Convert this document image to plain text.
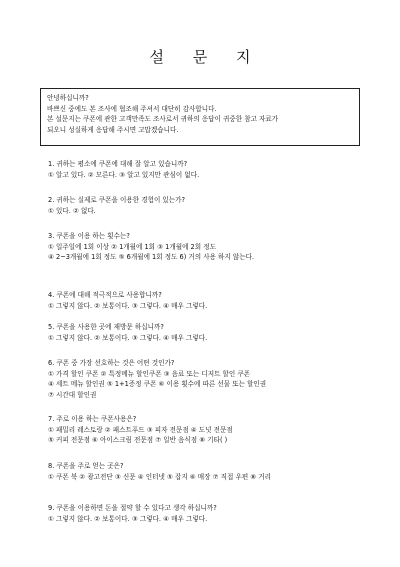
설 문 지
안녕하십니까?
바쁘신 중에도 본 조사에 협조해 주셔서 대단히 감사합니다.
본 설문지는 쿠폰에 관한 고객만족도 조사로서 귀하의 응답이 귀중한 참고 자료가
되오니 성실하게 응답해 주시면 고맙겠습니다.
1. 귀하는 평소에 쿠폰에 대해 잘 알고 있습니까?
① 알고 있다. ② 모른다. ③ 알고 있지만 관심이 없다.
2. 귀하는 실제로 쿠폰을 이용한 경험이 있는가?
① 있다. ② 없다.
3. 쿠폰을 이용 하는 횟수는?
① 일주일에 1회 이상 ② 1개월에 1회 ③ 1개월에 2회 정도
④ 2~3개월에 1회 정도 ⑤ 6개월에 1회 정도 6) 거의 사용 하지 않는다.
4. 쿠폰에 대해 적극적으로 사용합니까?
① 그렇지 않다. ② 보통이다. ③ 그렇다. ④ 매우 그렇다.
5. 쿠폰을 사용한 곳에 재방문 하십니까?
① 그렇지 않다. ② 보통이다. ③ 그렇다. ④ 매우 그렇다.
6. 쿠폰 중 가장 선호하는 것은 어떤 것인가?
① 가격 할인 쿠폰 ② 특정메뉴 할인쿠폰 ③ 음료 또는 디저트 할인 쿠폰
④ 세트 메뉴 할인권 ⑤ 1+1증정 쿠폰 ⑥ 이용 횟수에 따른 선물 또는 할인권
⑦ 시간대 할인권
7. 주로 이용 하는 쿠폰사용은?
① 패밀리 레스토랑 ② 패스트푸드 ③ 피자 전문점 ④ 도넛 전문점
⑤ 커피 전문점 ⑥ 아이스크림 전문점 ⑦ 일반 음식점 ⑧ 기타( )
8. 쿠폰을 주로 얻는 곳은?
① 쿠폰 북 ② 광고전단 ③ 신문 ④ 인터넷 ⑤ 잡지 ⑥ 매장 ⑦ 직접 우편 ⑧ 거리
9. 쿠폰을 이용하면 돈을 절약 할 수 있다고 생각 하십니까?
① 그렇지 않다. ② 보통이다. ③ 그렇다. ④ 매우 그렇다.
